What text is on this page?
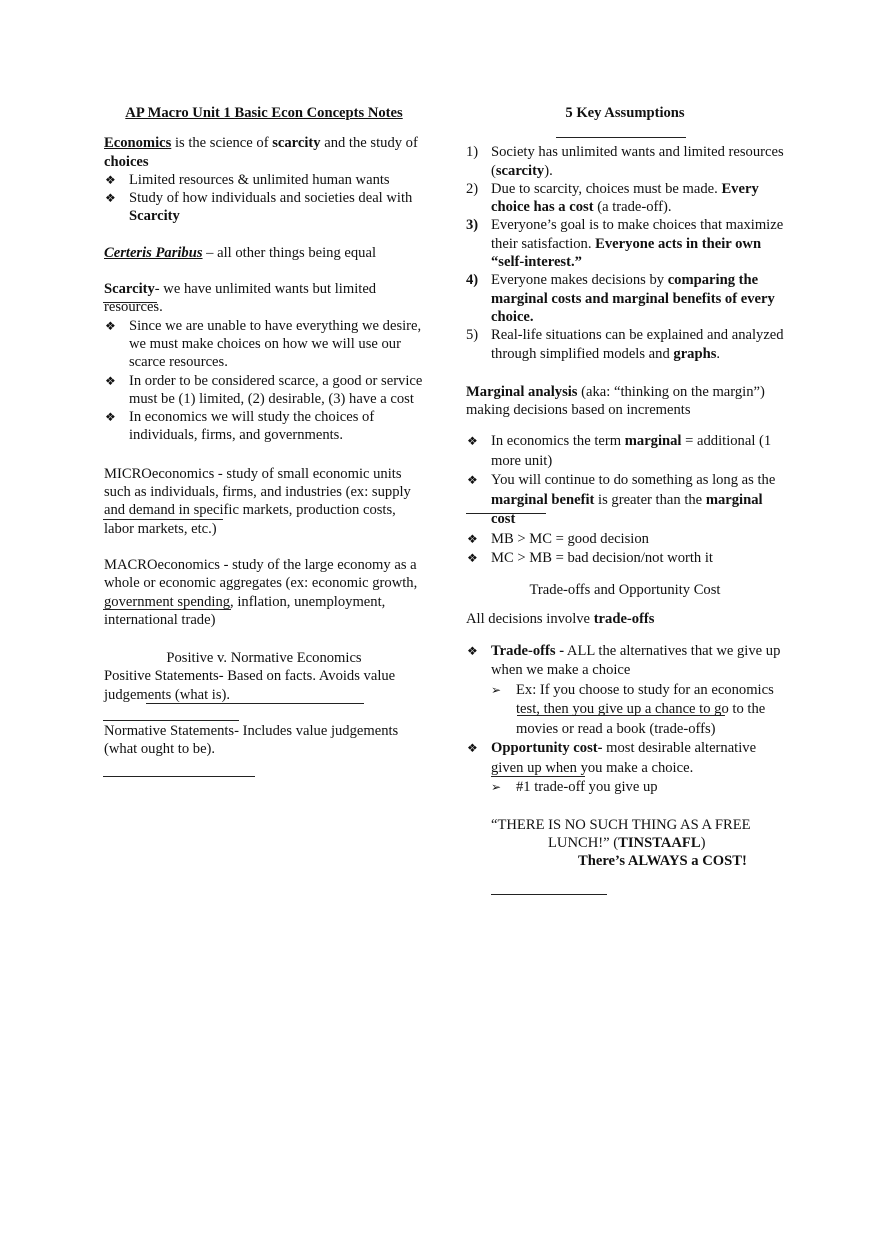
AP Macro Unit 1 Basic Econ Concepts Notes

Economics is the science of scarcity and the study of choices

❖ Limited resources & unlimited human wants
❖ Study of how individuals and societies deal with Scarcity

Certeris Paribus – all other things being equal

Scarcity- we have unlimited wants but limited resources.

❖ Since we are unable to have everything we desire, we must make choices on how we will use our scarce resources.
❖ In order to be considered scarce, a good or service must be (1) limited, (2) desirable, (3) have a cost
❖ In economics we will study the choices of individuals, firms, and governments.

MICROeconomics - study of small economic units such as individuals, firms, and industries (ex: supply and demand in specific markets, production costs, labor markets, etc.)

MACROeconomics - study of the large economy as a whole or economic aggregates (ex: economic growth, government spending, inflation, unemployment, international trade)

Positive v. Normative Economics

Positive Statements- Based on facts. Avoids value judgements (what is).

Normative Statements- Includes value judgements (what ought to be).

5 Key Assumptions

1) Society has unlimited wants and limited resources (scarcity).
2) Due to scarcity, choices must be made. Every choice has a cost (a trade-off).
3) Everyone’s goal is to make choices that maximize their satisfaction. Everyone acts in their own “self-interest.”
4) Everyone makes decisions by comparing the marginal costs and marginal benefits of every choice.
5) Real-life situations can be explained and analyzed through simplified models and graphs.

Marginal analysis (aka: “thinking on the margin”) making decisions based on increments

❖ In economics the term marginal = additional (1 more unit)
❖ You will continue to do something as long as the marginal benefit is greater than the marginal cost
❖ MB > MC = good decision
❖ MC > MB = bad decision/not worth it

Trade-offs and Opportunity Cost

All decisions involve trade-offs

❖ Trade-offs - ALL the alternatives that we give up when we make a choice
➢ Ex: If you choose to study for an economics test, then you give up a chance to go to the movies or read a book (trade-offs)
❖ Opportunity cost- most desirable alternative given up when you make a choice.
➢ #1 trade-off you give up

“THERE IS NO SUCH THING AS A FREE

LUNCH!” (TINSTAAFL)

There’s ALWAYS a COST!
